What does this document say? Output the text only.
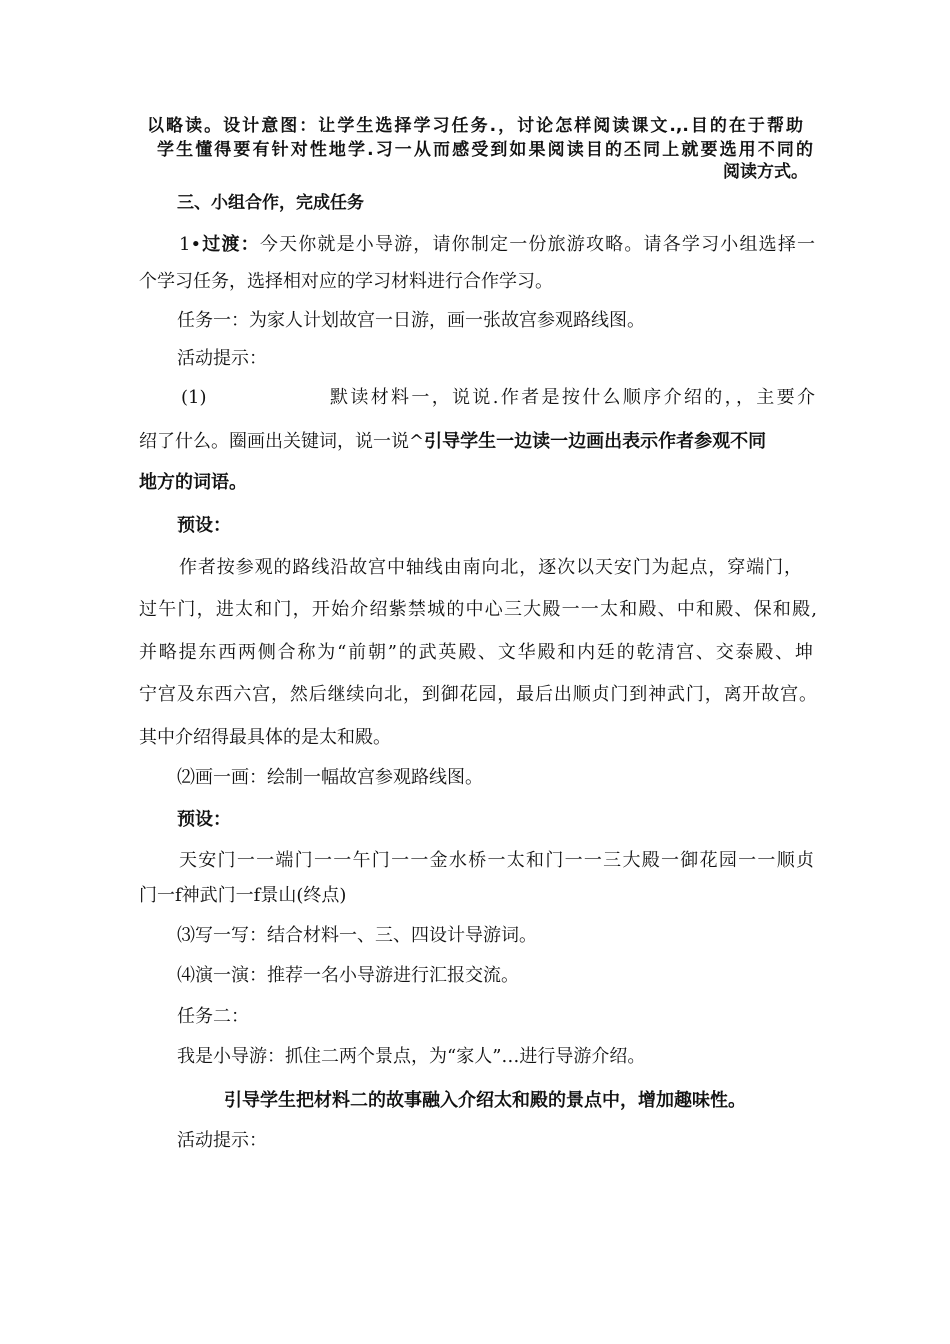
以略读。设计意图：让学生选择学习任务.，讨论怎样阅读课文.,.目的在于帮助
学生懂得要有针对性地学.习一从而感受到如果阅读目的丕同上就要选用不同的
阅读方式。
三、小组合作，完成任务
1•过渡：今天你就是小导游，请你制定一份旅游攻略。请各学习小组选择一
个学习任务，选择相对应的学习材料进行合作学习。
任务一：为家人计划故宫一日游，画一张故宫参观路线图。
活动提示：
(1)	默读材料一，说说.作者是按什么顺序介绍的，，主要介
绍了什么。圈画出关键词，说一说^引导学生一边读一边画出表示作者参观不同
地方的词语。
预设：
作者按参观的路线沿故宫中轴线由南向北，逐次以天安门为起点，穿端门，
过午门，进太和门，开始介绍紫禁城的中心三大殿一一太和殿、中和殿、保和殿,
并略提东西两侧合称为“前朝”的武英殿、文华殿和内廷的乾清宫、交泰殿、坤
宁宫及东西六宫，然后继续向北，到御花园，最后出顺贞门到神武门，离开故宫。
其中介绍得最具体的是太和殿。
⑵画一画：绘制一幅故宫参观路线图。
预设：
天安门一一端门一一午门一一金水桥一太和门一一三大殿一御花园一一顺贞
门一f神武门一f景山(终点)
⑶写一写：结合材料一、三、四设计导游词。
⑷演一演：推荐一名小导游进行汇报交流。
任务二：
我是小导游：抓住二两个景点，为“家人”…进行导游介绍。
引导学生把材料二的故事融入介绍太和殿的景点中，增加趣味性。
活动提示：
